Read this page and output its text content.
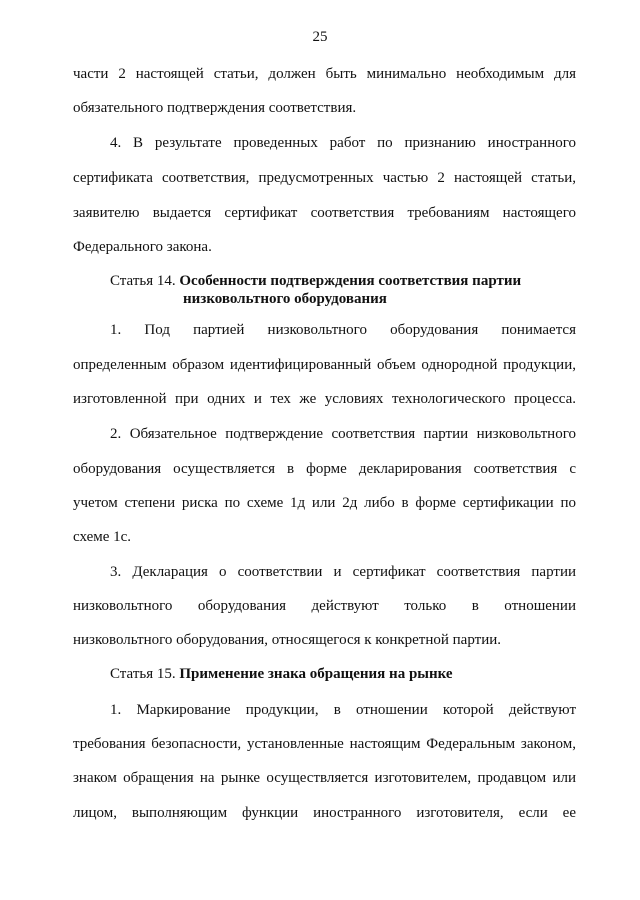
25
части 2 настоящей статьи, должен быть минимально необходимым для
обязательного подтверждения соответствия.
4. В результате проведенных работ по признанию иностранного
сертификата соответствия, предусмотренных частью 2 настоящей статьи,
заявителю выдается сертификат соответствия требованиям настоящего
Федерального закона.
Статья 14. Особенности подтверждения соответствия партии
низковольтного оборудования
1. Под партией низковольтного оборудования понимается
определенным образом идентифицированный объем однородной продукции,
изготовленной при одних и тех же условиях технологического процесса.
2. Обязательное подтверждение соответствия партии низковольтного
оборудования осуществляется в форме декларирования соответствия с
учетом степени риска по схеме 1д или 2д либо в форме сертификации по
схеме 1с.
3. Декларация о соответствии и сертификат соответствия партии
низковольтного оборудования действуют только в отношении
низковольтного оборудования, относящегося к конкретной партии.
Статья 15. Применение знака обращения на рынке
1. Маркирование продукции, в отношении которой действуют
требования безопасности, установленные настоящим Федеральным законом,
знаком обращения на рынке осуществляется изготовителем, продавцом или
лицом, выполняющим функции иностранного изготовителя, если ее
